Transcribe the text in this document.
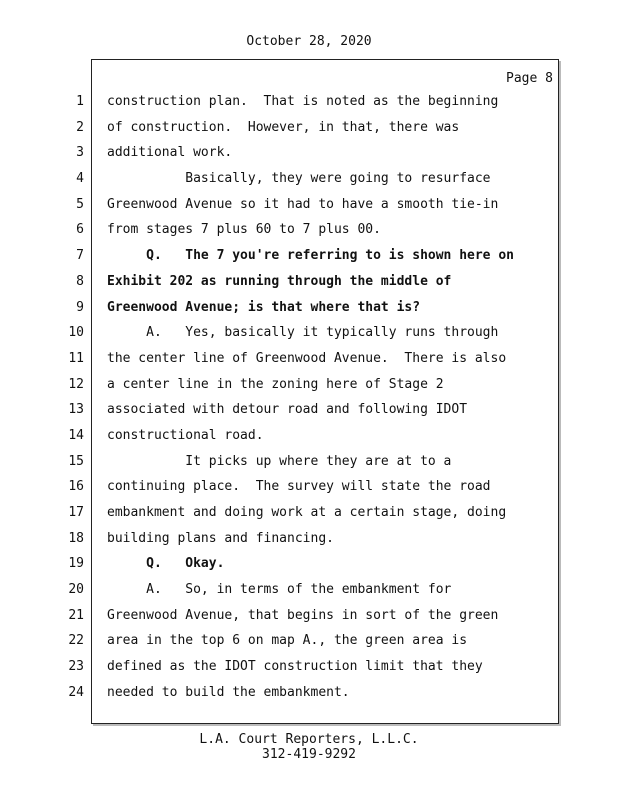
October 28, 2020
Page 8
1 construction plan.  That is noted as the beginning
2 of construction.  However, in that, there was
3 additional work.
4 Basically, they were going to resurface
5 Greenwood Avenue so it had to have a smooth tie-in
6 from stages 7 plus 60 to 7 plus 00.
7 Q.   The 7 you're referring to is shown here on
8 Exhibit 202 as running through the middle of
9 Greenwood Avenue; is that where that is?
10 A.   Yes, basically it typically runs through
11 the center line of Greenwood Avenue.  There is also
12 a center line in the zoning here of Stage 2
13 associated with detour road and following IDOT
14 constructional road.
15 It picks up where they are at to a
16 continuing place.  The survey will state the road
17 embankment and doing work at a certain stage, doing
18 building plans and financing.
19 Q.   Okay.
20 A.   So, in terms of the embankment for
21 Greenwood Avenue, that begins in sort of the green
22 area in the top 6 on map A., the green area is
23 defined as the IDOT construction limit that they
24 needed to build the embankment.
L.A. Court Reporters, L.L.C.
312-419-9292
